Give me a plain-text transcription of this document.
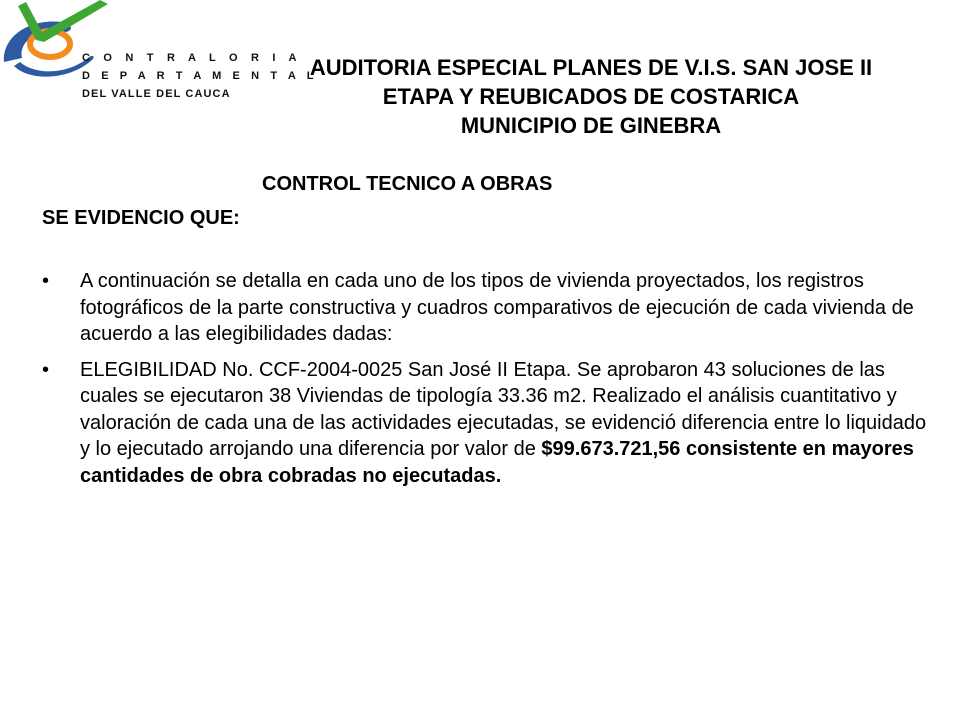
C O N T R A L O R I A
D E P A R T A M E N T A L
DEL VALLE DEL CAUCA
AUDITORIA ESPECIAL PLANES DE V.I.S. SAN JOSE II
ETAPA Y REUBICADOS DE COSTARICA
MUNICIPIO DE GINEBRA
CONTROL TECNICO A OBRAS
SE EVIDENCIO QUE:
• A continuación se detalla en cada uno de los tipos de vivienda proyectados, los registros fotográficos de la parte constructiva y cuadros comparativos de ejecución de cada vivienda de acuerdo a las elegibilidades dadas:
• ELEGIBILIDAD No. CCF-2004-0025 San José II Etapa. Se aprobaron 43 soluciones de las cuales se ejecutaron 38 Viviendas de tipología 33.36 m2. Realizado el análisis cuantitativo y valoración de cada una de las actividades ejecutadas, se evidenció diferencia entre lo liquidado y lo ejecutado arrojando una diferencia por valor de $99.673.721,56 consistente en mayores cantidades de obra cobradas no ejecutadas.
